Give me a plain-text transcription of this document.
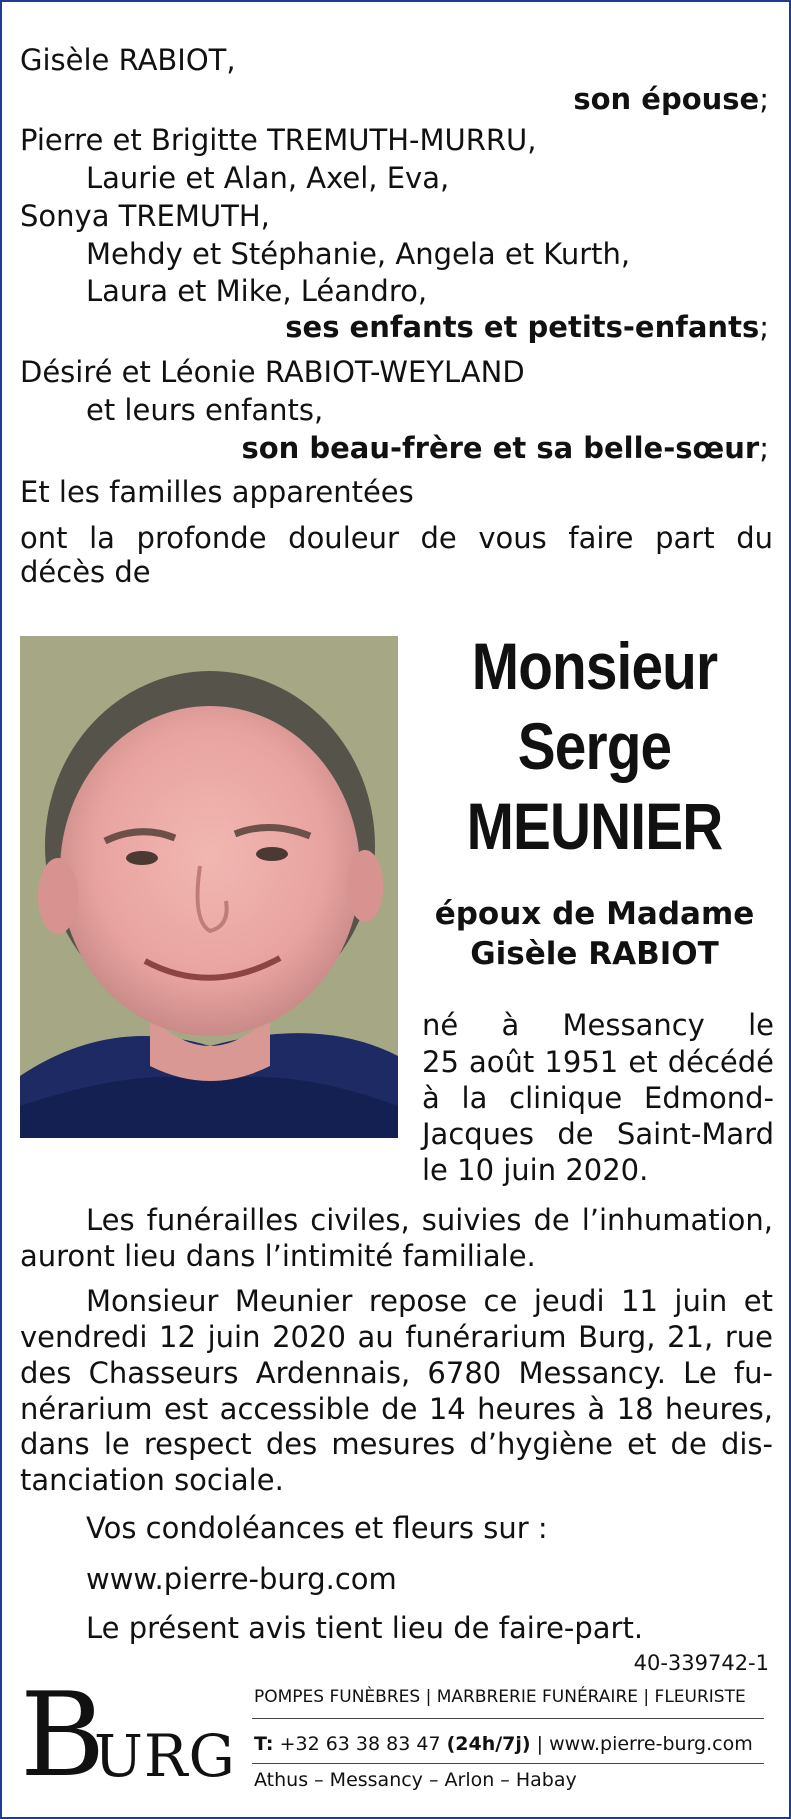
Gisèle RABIOT,

son épouse;

Pierre et Brigitte TREMUTH-MURRU,

Laurie et Alan, Axel, Eva,

Sonya TREMUTH,

Mehdy et Stéphanie, Angela et Kurth,

Laura et Mike, Léandro,

ses enfants et petits-enfants;

Désiré et Léonie RABIOT-WEYLAND

et leurs enfants,

son beau-frère et sa belle-sœur;

Et les familles apparentées

ont la profonde douleur de vous faire part du

décès de

Monsieur
Serge
MEUNIER
époux de Madame
Gisèle RABIOT

né à Messancy le

25 août 1951 et décédé

à la clinique Edmond-

Jacques de Saint-Mard

le 10 juin 2020.

Les funérailles civiles, suivies de l’inhumation,

auront lieu dans l’intimité familiale.

Monsieur Meunier repose ce jeudi 11 juin et

vendredi 12 juin 2020 au funérarium Burg, 21, rue

des Chasseurs Ardennais, 6780 Messancy. Le fu-

nérarium est accessible de 14 heures à 18 heures,

dans le respect des mesures d’hygiène et de dis-

tanciation sociale.

Vos condoléances et fleurs sur :

www.pierre-burg.com

Le présent avis tient lieu de faire-part.

40-339742-1

B
URG

POMPES FUNÈBRES | MARBRERIE FUNÉRAIRE | FLEURISTE

T: +32 63 38 83 47 (24h/7j) | www.pierre-burg.com

Athus – Messancy – Arlon – Habay
